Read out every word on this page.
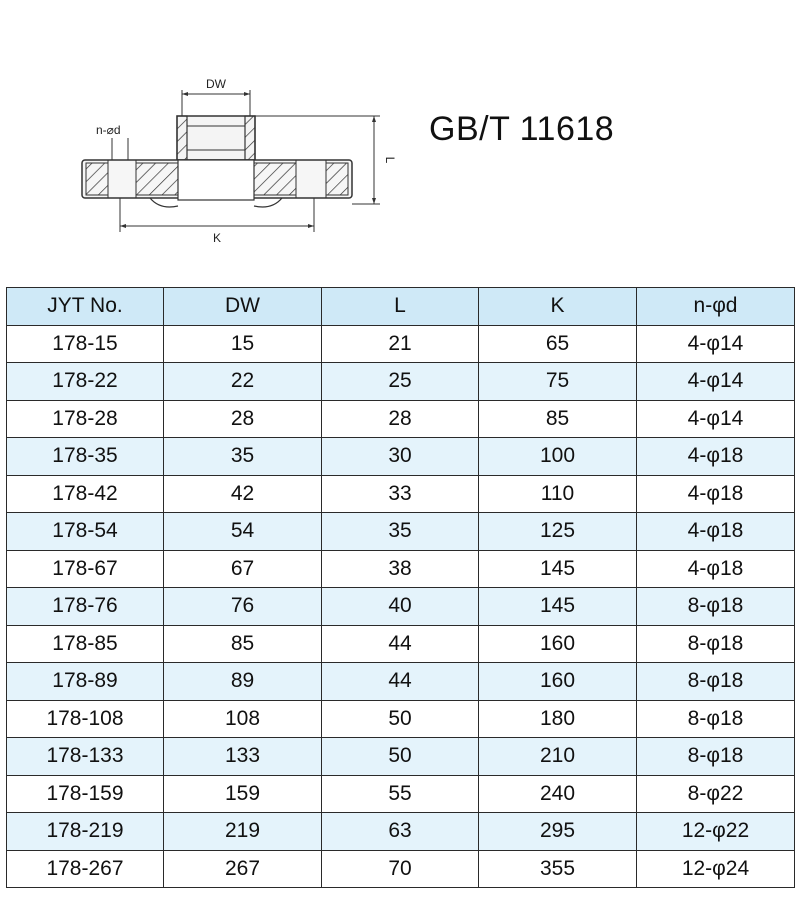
DW
n-⌀d
L
K
GB/T 11618
JYT No.	DW	L	K	n-φd
178-15	15	21	65	4-φ14
178-22	22	25	75	4-φ14
178-28	28	28	85	4-φ14
178-35	35	30	100	4-φ18
178-42	42	33	110	4-φ18
178-54	54	35	125	4-φ18
178-67	67	38	145	4-φ18
178-76	76	40	145	8-φ18
178-85	85	44	160	8-φ18
178-89	89	44	160	8-φ18
178-108	108	50	180	8-φ18
178-133	133	50	210	8-φ18
178-159	159	55	240	8-φ22
178-219	219	63	295	12-φ22
178-267	267	70	355	12-φ24
